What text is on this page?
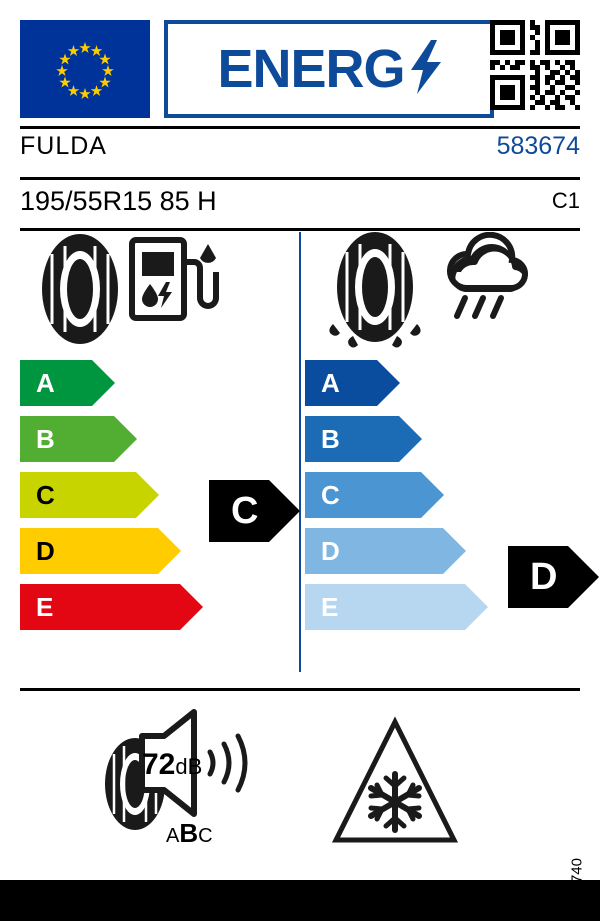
ENERG
FULDA	583674
195/55R15 85 H	C1
A
B
C
D
E
C
A
B
C
D
E
D
72dB
ABC
2020/740
